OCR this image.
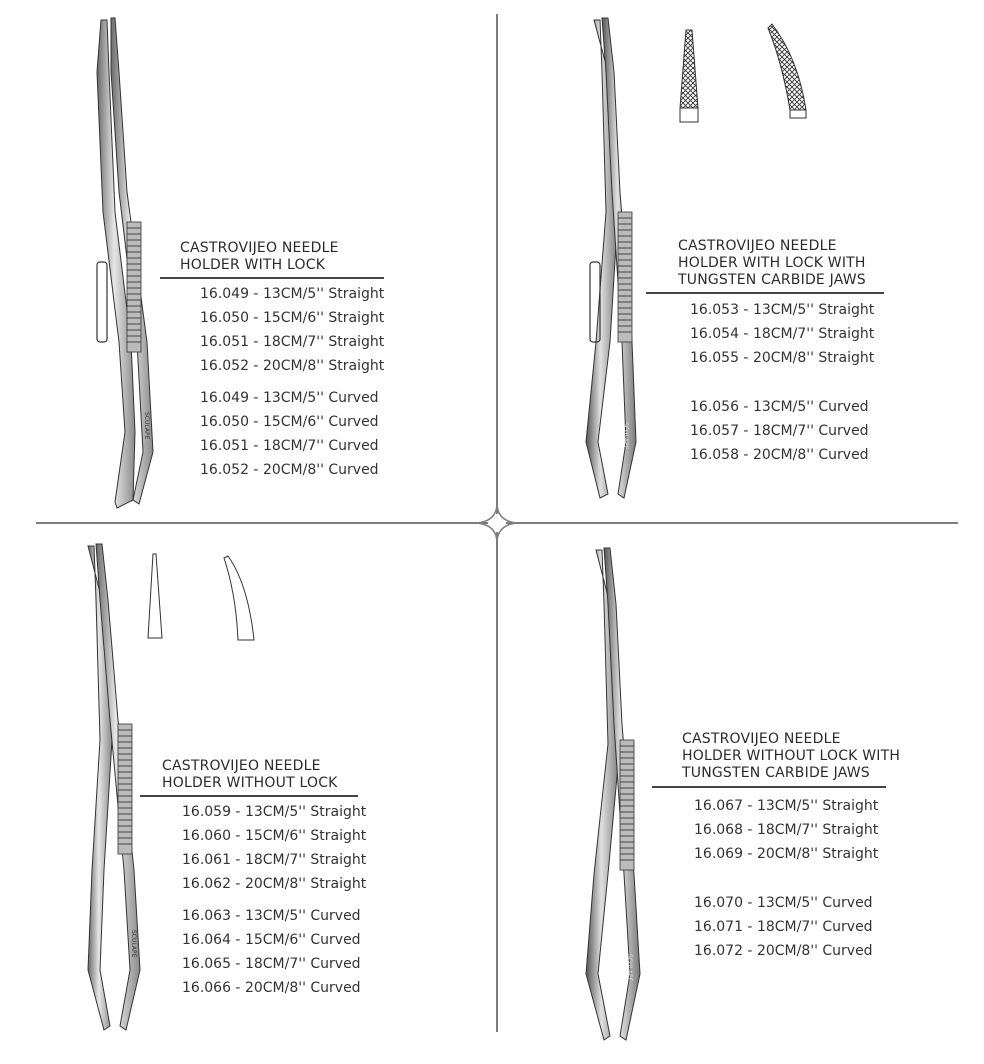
SCULAPE
CASTROVIJEO NEEDLE
HOLDER WITH LOCK
16.049 - 13CM/5'' Straight
16.050 - 15CM/6'' Straight
16.051 - 18CM/7'' Straight
16.052 - 20CM/8'' Straight
16.049 - 13CM/5'' Curved
16.050 - 15CM/6'' Curved
16.051 - 18CM/7'' Curved
16.052 - 20CM/8'' Curved
SCULAPE
CASTROVIJEO NEEDLE
HOLDER WITH LOCK WITH
TUNGSTEN CARBIDE JAWS
16.053 - 13CM/5'' Straight
16.054 - 18CM/7'' Straight
16.055 - 20CM/8'' Straight
16.056 - 13CM/5'' Curved
16.057 - 18CM/7'' Curved
16.058 - 20CM/8'' Curved
SCULAPE
CASTROVIJEO NEEDLE
HOLDER WITHOUT LOCK
16.059 - 13CM/5'' Straight
16.060 - 15CM/6'' Straight
16.061 - 18CM/7'' Straight
16.062 - 20CM/8'' Straight
16.063 - 13CM/5'' Curved
16.064 - 15CM/6'' Curved
16.065 - 18CM/7'' Curved
16.066 - 20CM/8'' Curved
SCULAPE
CASTROVIJEO NEEDLE
HOLDER WITHOUT LOCK WITH
TUNGSTEN CARBIDE JAWS
16.067 - 13CM/5'' Straight
16.068 - 18CM/7'' Straight
16.069 - 20CM/8'' Straight
16.070 - 13CM/5'' Curved
16.071 - 18CM/7'' Curved
16.072 - 20CM/8'' Curved
